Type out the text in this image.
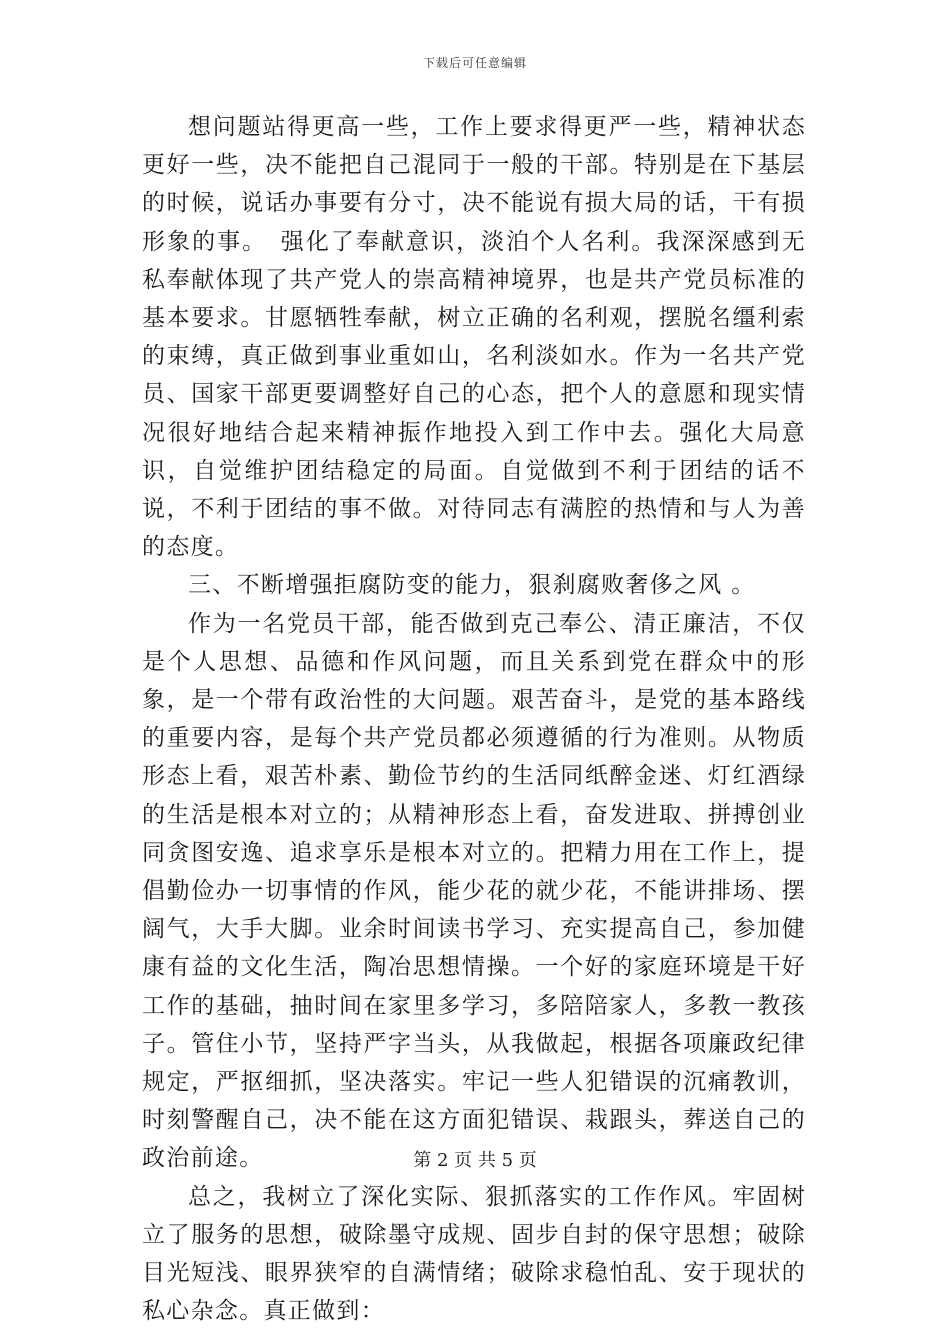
下载后可任意编辑

想问题站得更高一些，工作上要求得更严一些，精神状态更好一些，决不能把自己混同于一般的干部。特别是在下基层的时候，说话办事要有分寸，决不能说有损大局的话，干有损形象的事。　强化了奉献意识，淡泊个人名利。我深深感到无私奉献体现了共产党人的崇高精神境界，也是共产党员标准的基本要求。甘愿牺牲奉献，树立正确的名利观，摆脱名缰利索的束缚，真正做到事业重如山，名利淡如水。作为一名共产党员、国家干部更要调整好自己的心态，把个人的意愿和现实情况很好地结合起来精神振作地投入到工作中去。强化大局意识，自觉维护团结稳定的局面。自觉做到不利于团结的话不说，不利于团结的事不做。对待同志有满腔的热情和与人为善的态度。

三、不断增强拒腐防变的能力，狠刹腐败奢侈之风 。

作为一名党员干部，能否做到克己奉公、清正廉洁，不仅是个人思想、品德和作风问题，而且关系到党在群众中的形象，是一个带有政治性的大问题。艰苦奋斗，是党的基本路线的重要内容，是每个共产党员都必须遵循的行为准则。从物质形态上看，艰苦朴素、勤俭节约的生活同纸醉金迷、灯红酒绿的生活是根本对立的；从精神形态上看，奋发进取、拼搏创业同贪图安逸、追求享乐是根本对立的。把精力用在工作上，提倡勤俭办一切事情的作风，能少花的就少花，不能讲排场、摆阔气，大手大脚。业余时间读书学习、充实提高自己，参加健康有益的文化生活，陶冶思想情操。一个好的家庭环境是干好工作的基础，抽时间在家里多学习，多陪陪家人，多教一教孩子。管住小节，坚持严字当头，从我做起，根据各项廉政纪律规定，严抠细抓，坚决落实。牢记一些人犯错误的沉痛教训，时刻警醒自己，决不能在这方面犯错误、栽跟头，葬送自己的政治前途。

总之，我树立了深化实际、狠抓落实的工作作风。牢固树立了服务的思想，破除墨守成规、固步自封的保守思想；破除目光短浅、眼界狭窄的自满情绪；破除求稳怕乱、安于现状的私心杂念。真正做到：

第 2 页 共 5 页
